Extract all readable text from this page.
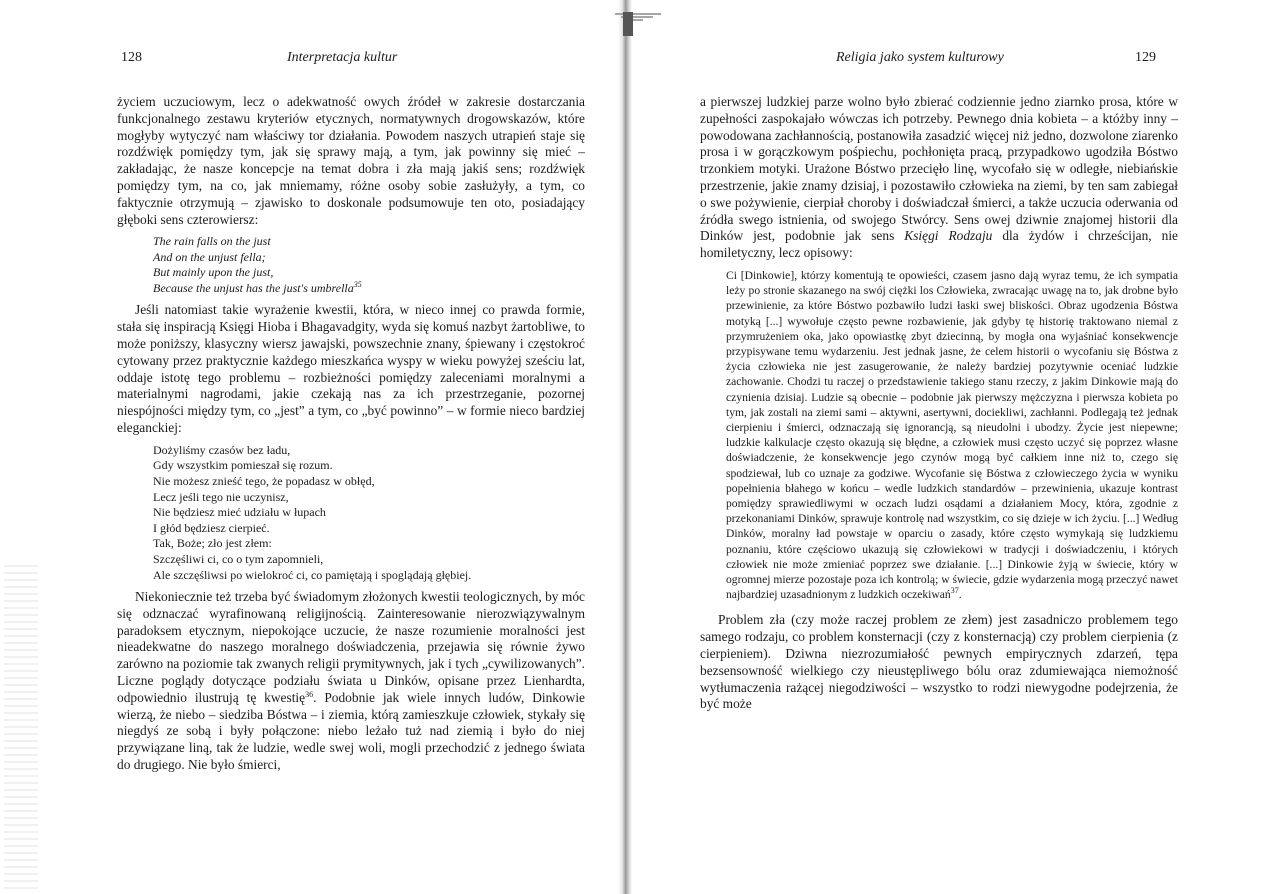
128	Interpretacja kultur

życiem uczuciowym, lecz o adekwatność owych źródeł w zakresie dostarczania funkcjonalnego zestawu kryteriów etycznych, normatywnych drogowskazów, które mogłyby wytyczyć nam właściwy tor działania. Powodem naszych utrapień staje się rozdźwięk pomiędzy tym, jak się sprawy mają, a tym, jak powinny się mieć – zakładając, że nasze koncepcje na temat dobra i zła mają jakiś sens; rozdźwięk pomiędzy tym, na co, jak mniemamy, różne osoby sobie zasłużyły, a tym, co faktycznie otrzymują – zjawisko to doskonale podsumowuje ten oto, posiadający głęboki sens czterowiersz:

The rain falls on the just
And on the unjust fella;
But mainly upon the just,
Because the unjust has the just's umbrella$^{35}$

Jeśli natomiast takie wyrażenie kwestii, która, w nieco innej co prawda formie, stała się inspiracją Księgi Hioba i Bhagavadgity, wyda się komuś nazbyt żartobliwe, to może poniższy, klasyczny wiersz jawajski, powszechnie znany, śpiewany i częstokroć cytowany przez praktycznie każdego mieszkańca wyspy w wieku powyżej sześciu lat, oddaje istotę tego problemu – rozbieżności pomiędzy zaleceniami moralnymi a materialnymi nagrodami, jakie czekają nas za ich przestrzeganie, pozornej niespójności między tym, co „jest” a tym, co „być powinno” – w formie nieco bardziej eleganckiej:

Dożyliśmy czasów bez ładu,
Gdy wszystkim pomieszał się rozum.
Nie możesz znieść tego, że popadasz w obłęd,
Lecz jeśli tego nie uczynisz,
Nie będziesz mieć udziału w łupach
I głód będziesz cierpieć.
Tak, Boże; zło jest złem:
Szczęśliwi ci, co o tym zapomnieli,
Ale szczęśliwsi po wielokroć ci, co pamiętają i spoglądają głębiej.

Niekoniecznie też trzeba być świadomym złożonych kwestii teologicznych, by móc się odznaczać wyrafinowaną religijnością. Zainteresowanie nierozwiązywalnym paradoksem etycznym, niepokojące uczucie, że nasze rozumienie moralności jest nieadekwatne do naszego moralnego doświadczenia, przejawia się równie żywo zarówno na poziomie tak zwanych religii prymitywnych, jak i tych „cywilizowanych”. Liczne poglądy dotyczące podziału świata u Dinków, opisane przez Lienhardta, odpowiednio ilustrują tę kwestię$^{36}$. Podobnie jak wiele innych ludów, Dinkowie wierzą, że niebo – siedziba Bóstwa – i ziemia, którą zamieszkuje człowiek, stykały się niegdyś ze sobą i były połączone: niebo leżało tuż nad ziemią i było do niej przywiązane liną, tak że ludzie, wedle swej woli, mogli przechodzić z jednego świata do drugiego. Nie było śmierci,

Religia jako system kulturowy	129

a pierwszej ludzkiej parze wolno było zbierać codziennie jedno ziarnko prosa, które w zupełności zaspokajało wówczas ich potrzeby. Pewnego dnia kobieta – a któżby inny – powodowana zachłannością, postanowiła zasadzić więcej niż jedno, dozwolone ziarenko prosa i w gorączkowym pośpiechu, pochłonięta pracą, przypadkowo ugodziła Bóstwo trzonkiem motyki. Urażone Bóstwo przecięło linę, wycofało się w odległe, niebiańskie przestrzenie, jakie znamy dzisiaj, i pozostawiło człowieka na ziemi, by ten sam zabiegał o swe pożywienie, cierpiał choroby i doświadczał śmierci, a także uczucia oderwania od źródła swego istnienia, od swojego Stwórcy. Sens owej dziwnie znajomej historii dla Dinków jest, podobnie jak sens Księgi Rodzaju dla żydów i chrześcijan, nie homiletyczny, lecz opisowy:

Ci [Dinkowie], którzy komentują te opowieści, czasem jasno dają wyraz temu, że ich sympatia leży po stronie skazanego na swój ciężki los Człowieka, zwracając uwagę na to, jak drobne było przewinienie, za które Bóstwo pozbawiło ludzi łaski swej bliskości. Obraz ugodzenia Bóstwa motyką [...] wywołuje często pewne rozbawienie, jak gdyby tę historię traktowano niemal z przymrużeniem oka, jako opowiastkę zbyt dziecinną, by mogła ona wyjaśniać konsekwencje przypisywane temu wydarzeniu. Jest jednak jasne, że celem historii o wycofaniu się Bóstwa z życia człowieka nie jest zasugerowanie, że należy bardziej pozytywnie oceniać ludzkie zachowanie. Chodzi tu raczej o przedstawienie takiego stanu rzeczy, z jakim Dinkowie mają do czynienia dzisiaj. Ludzie są obecnie – podobnie jak pierwszy mężczyzna i pierwsza kobieta po tym, jak zostali na ziemi sami – aktywni, asertywni, dociekliwi, zachłanni. Podlegają też jednak cierpieniu i śmierci, odznaczają się ignorancją, są nieudolni i ubodzy. Życie jest niepewne; ludzkie kalkulacje często okazują się błędne, a człowiek musi często uczyć się poprzez własne doświadczenie, że konsekwencje jego czynów mogą być całkiem inne niż to, czego się spodziewał, lub co uznaje za godziwe. Wycofanie się Bóstwa z człowieczego życia w wyniku popełnienia błahego w końcu – wedle ludzkich standardów – przewinienia, ukazuje kontrast pomiędzy sprawiedliwymi w oczach ludzi osądami a działaniem Mocy, która, zgodnie z przekonaniami Dinków, sprawuje kontrolę nad wszystkim, co się dzieje w ich życiu. [...] Według Dinków, moralny ład powstaje w oparciu o zasady, które często wymykają się ludzkiemu poznaniu, które częściowo ukazują się człowiekowi w tradycji i doświadczeniu, i których człowiek nie może zmieniać poprzez swe działanie. [...] Dinkowie żyją w świecie, który w ogromnej mierze pozostaje poza ich kontrolą; w świecie, gdzie wydarzenia mogą przeczyć nawet najbardziej uzasadnionym z ludzkich oczekiwań$^{37}$.

Problem zła (czy może raczej problem ze złem) jest zasadniczo problemem tego samego rodzaju, co problem konsternacji (czy z konsternacją) czy problem cierpienia (z cierpieniem). Dziwna niezrozumiałość pewnych empirycznych zdarzeń, tępa bezsensowność wielkiego czy nieustępliwego bólu oraz zdumiewająca niemożność wytłumaczenia rażącej niegodziwości – wszystko to rodzi niewygodne podejrzenia, że być może
